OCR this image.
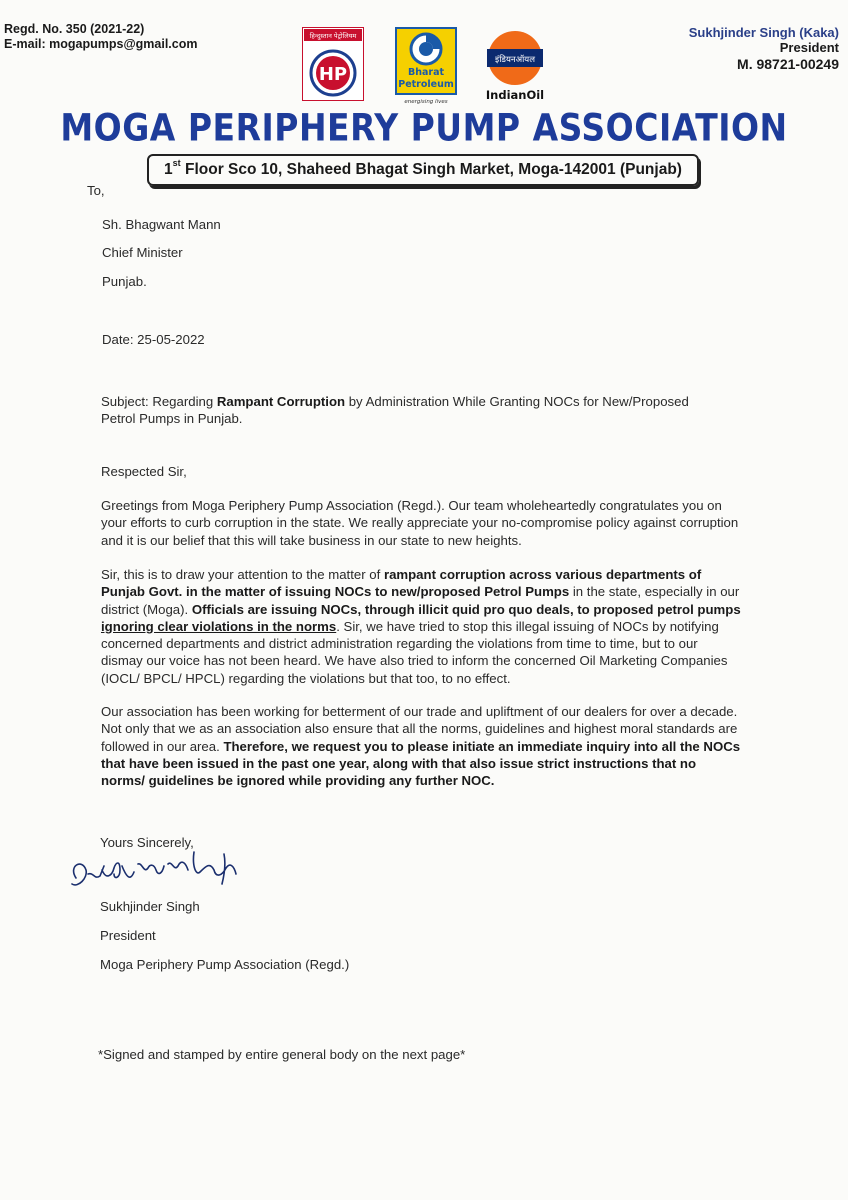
Regd. No. 350 (2021-22)
E-mail: mogapumps@gmail.com
Sukhjinder Singh (Kaka)
President
M. 98721-00249
हिन्दुस्तान पेट्रोलियम
HP	Bharat
Petroleum
energising lives
इंडियनऑयल
IndianOil
MOGA PERIPHERY PUMP ASSOCIATION
1st Floor Sco 10, Shaheed Bhagat Singh Market, Moga-142001 (Punjab)
To,
Sh. Bhagwant Mann
Chief Minister
Punjab.
Date: 25-05-2022
Subject: Regarding Rampant Corruption by Administration While Granting NOCs for New/Proposed Petrol Pumps in Punjab.
Respected Sir,
Greetings from Moga Periphery Pump Association (Regd.). Our team wholeheartedly congratulates you on your efforts to curb corruption in the state. We really appreciate your no-compromise policy against corruption and it is our belief that this will take business in our state to new heights.
Sir, this is to draw your attention to the matter of rampant corruption across various departments of Punjab Govt. in the matter of issuing NOCs to new/proposed Petrol Pumps in the state, especially in our district (Moga). Officials are issuing NOCs, through illicit quid pro quo deals, to proposed petrol pumps ignoring clear violations in the norms. Sir, we have tried to stop this illegal issuing of NOCs by notifying concerned departments and district administration regarding the violations from time to time, but to our dismay our voice has not been heard. We have also tried to inform the concerned Oil Marketing Companies (IOCL/ BPCL/ HPCL) regarding the violations but that too, to no effect.
Our association has been working for betterment of our trade and upliftment of our dealers for over a decade. Not only that we as an association also ensure that all the norms, guidelines and highest moral standards are followed in our area. Therefore, we request you to please initiate an immediate inquiry into all the NOCs that have been issued in the past one year, along with that also issue strict instructions that no norms/ guidelines be ignored while providing any further NOC.
Yours Sincerely,
Sukhjinder Singh
President
Moga Periphery Pump Association (Regd.)
*Signed and stamped by entire general body on the next page*
